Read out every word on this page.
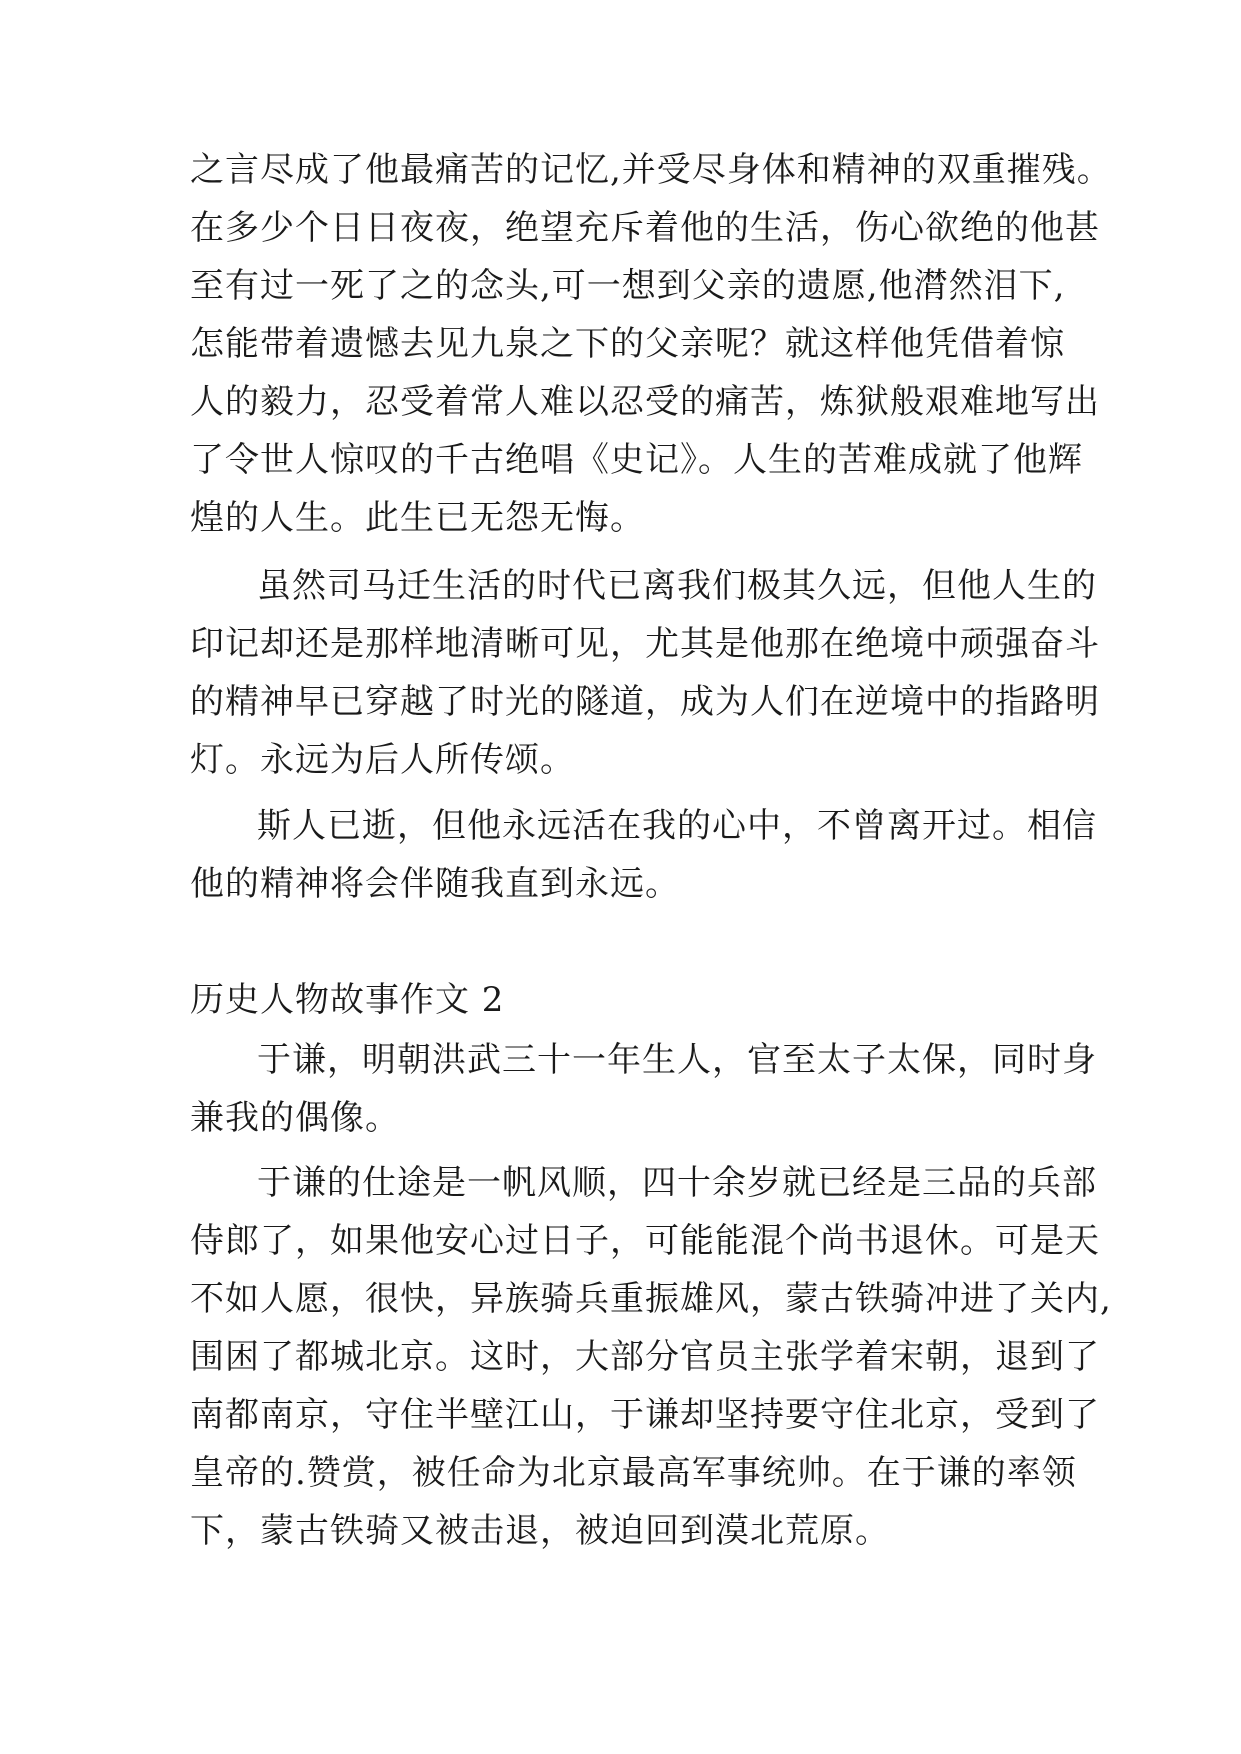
之言尽成了他最痛苦的记忆,并受尽身体和精神的双重摧残。
在多少个日日夜夜，绝望充斥着他的生活，伤心欲绝的他甚
至有过一死了之的念头,可一想到父亲的遗愿,他潸然泪下,
怎能带着遗憾去见九泉之下的父亲呢？就这样他凭借着惊
人的毅力，忍受着常人难以忍受的痛苦，炼狱般艰难地写出
了令世人惊叹的千古绝唱《史记》。人生的苦难成就了他辉
煌的人生。此生已无怨无悔。
虽然司马迁生活的时代已离我们极其久远，但他人生的
印记却还是那样地清晰可见，尤其是他那在绝境中顽强奋斗
的精神早已穿越了时光的隧道，成为人们在逆境中的指路明
灯。永远为后人所传颂。
斯人已逝，但他永远活在我的心中，不曾离开过。相信
他的精神将会伴随我直到永远。
历史人物故事作文 2
于谦，明朝洪武三十一年生人，官至太子太保，同时身
兼我的偶像。
于谦的仕途是一帆风顺，四十余岁就已经是三品的兵部
侍郎了，如果他安心过日子，可能能混个尚书退休。可是天
不如人愿，很快，异族骑兵重振雄风，蒙古铁骑冲进了关内,
围困了都城北京。这时，大部分官员主张学着宋朝，退到了
南都南京，守住半壁江山，于谦却坚持要守住北京，受到了
皇帝的.赞赏，被任命为北京最高军事统帅。在于谦的率领
下，蒙古铁骑又被击退，被迫回到漠北荒原。
